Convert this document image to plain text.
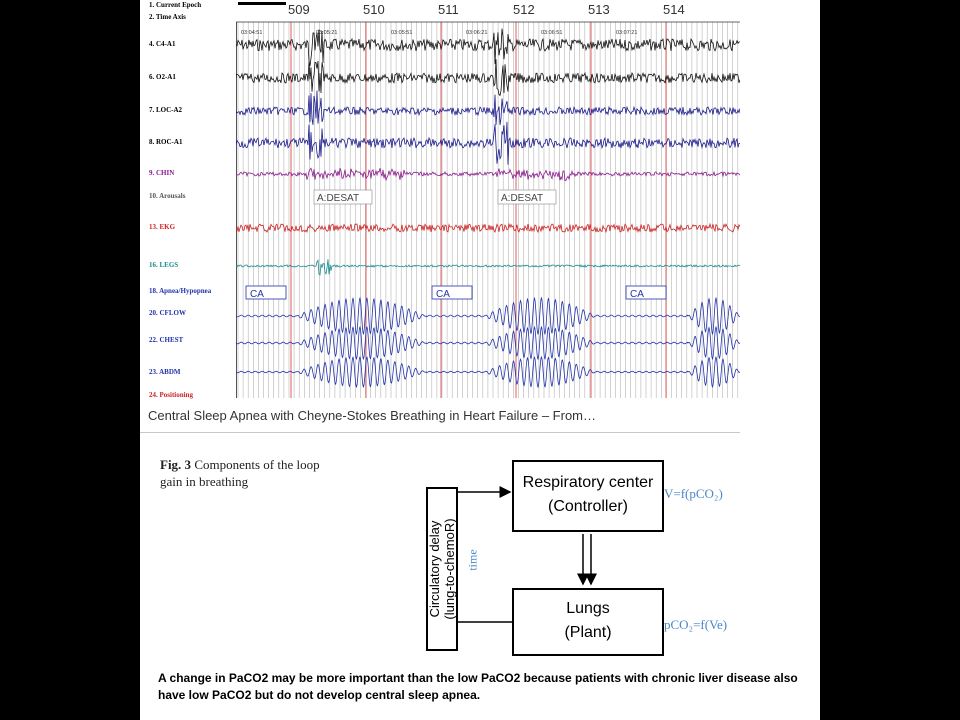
1. Current Epoch
2. Time Axis
4. C4-A1
6. O2-A1
7. LOC-A2
8. ROC-A1
9. CHIN
10. Arousals
13. EKG
16. LEGS
18. Apnea/Hypopnea
20. CFLOW
22. CHEST
23. ABDM
24. Positioning
509
03:04:51
510
03:05:21
511
03:05:51
512
03:06:21
513
03:06:51
514
03:07:21
A:DESAT	A:DESAT
CA	CA	CA
Central Sleep Apnea with Cheyne-Stokes Breathing in Heart Failure – From…
Fig. 3 Components of the loop gain in breathing	Respiratory center
(Controller)
Lungs
(Plant)
Circulatory delay (lung-to-chemoR) time
V=f(pCO₂)
pCO₂=f(Ve)
A change in PaCO2 may be more important than the low PaCO2 because patients with chronic liver disease also have low PaCO2 but do not develop central sleep apnea.
